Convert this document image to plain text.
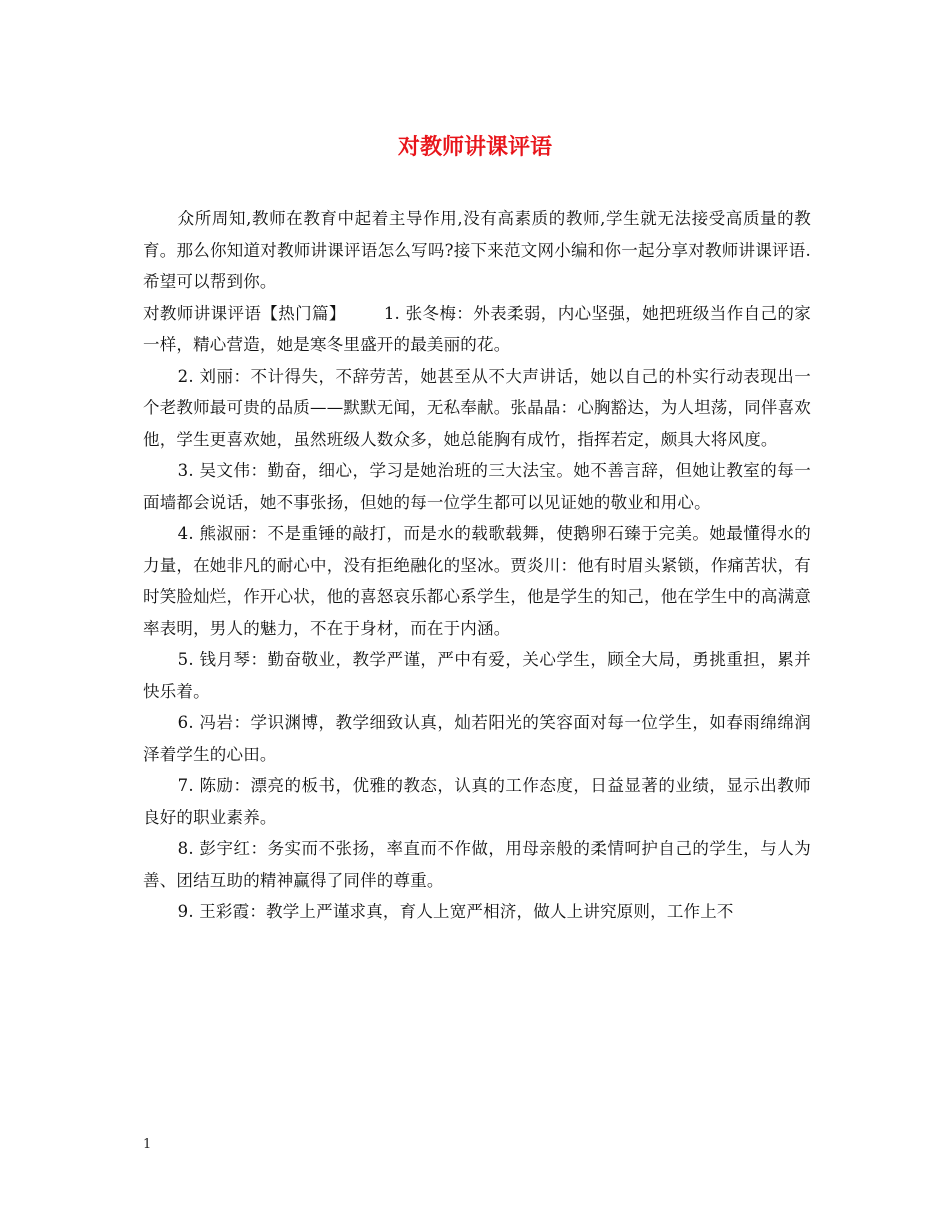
对教师讲课评语

众所周知,教师在教育中起着主导作用,没有高素质的教师,学生就无法接受高质量的教育。那么你知道对教师讲课评语怎么写吗?接下来范文网小编和你一起分享对教师讲课评语.希望可以帮到你。

对教师讲课评语【热门篇】 1. 张冬梅：外表柔弱，内心坚强，她把班级当作自己的家一样，精心营造，她是寒冬里盛开的最美丽的花。

2. 刘丽：不计得失，不辞劳苦，她甚至从不大声讲话，她以自己的朴实行动表现出一个老教师最可贵的品质——默默无闻，无私奉献。张晶晶：心胸豁达，为人坦荡，同伴喜欢他，学生更喜欢她，虽然班级人数众多，她总能胸有成竹，指挥若定，颇具大将风度。

3. 吴文伟：勤奋，细心，学习是她治班的三大法宝。她不善言辞，但她让教室的每一面墙都会说话，她不事张扬，但她的每一位学生都可以见证她的敬业和用心。

4. 熊淑丽：不是重锤的敲打，而是水的载歌载舞，使鹅卵石臻于完美。她最懂得水的力量，在她非凡的耐心中，没有拒绝融化的坚冰。贾炎川：他有时眉头紧锁，作痛苦状，有时笑脸灿烂，作开心状，他的喜怒哀乐都心系学生，他是学生的知己，他在学生中的高满意率表明，男人的魅力，不在于身材，而在于内涵。

5. 钱月琴：勤奋敬业，教学严谨，严中有爱，关心学生，顾全大局，勇挑重担，累并快乐着。

6. 冯岩：学识渊博，教学细致认真，灿若阳光的笑容面对每一位学生，如春雨绵绵润泽着学生的心田。

7. 陈励：漂亮的板书，优雅的教态，认真的工作态度，日益显著的业绩，显示出教师良好的职业素养。

8. 彭宇红：务实而不张扬，率直而不作做，用母亲般的柔情呵护自己的学生，与人为善、团结互助的精神赢得了同伴的尊重。

9. 王彩霞：教学上严谨求真，育人上宽严相济，做人上讲究原则，工作上不

1
